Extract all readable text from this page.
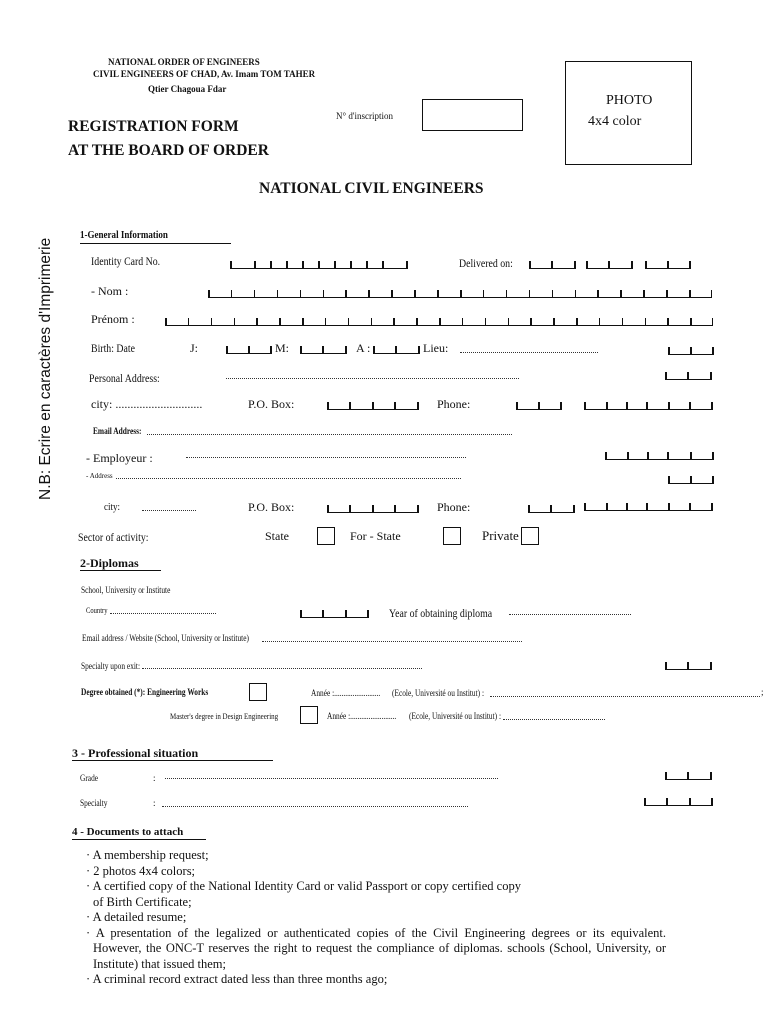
NATIONAL ORDER OF ENGINEERS
CIVIL ENGINEERS OF CHAD, Av. Imam TOM TAHER
Qtier Chagoua Fdar
REGISTRATION FORM
AT THE BOARD OF ORDER
N° d'inscription
PHOTO
4x4 color
NATIONAL CIVIL ENGINEERS
N.B: Ecrire en caractères d'Imprimerie
1-General Information
Identity Card No.	Delivered on:
- Nom :
Prénom :
Birth: Date	J:	M:	A :	Lieu:
Personal Address:
city: .............................	P.O. Box:	Phone:
Email Address:
- Employeur :
- Address
city:	P.O. Box:	Phone:
Sector of activity:	State	For - State	Private
2-Diplomas
School, University or Institute
Country	Year of obtaining diploma
Email address / Website (School, University or Institute)
Specialty upon exit:
Degree obtained (*): Engineering Works	Année :.........................	(Ecole, Université ou Institut) :	;
Master's degree in Design Engineering	Année :.........................	(Ecole, Université ou Institut) :
3 - Professional situation
Grade	:
Specialty	:
4 - Documents to attach
· A membership request;
· 2 photos 4x4 colors;
· A certified copy of the National Identity Card or valid Passport or copy certified copy of Birth Certificate;
· A detailed resume;
· A presentation of the legalized or authenticated copies of the Civil Engineering degrees or its equivalent. However, the ONC-T reserves the right to request the compliance of diplomas. schools (School, University, or Institute) that issued them;
· A criminal record extract dated less than three months ago;
